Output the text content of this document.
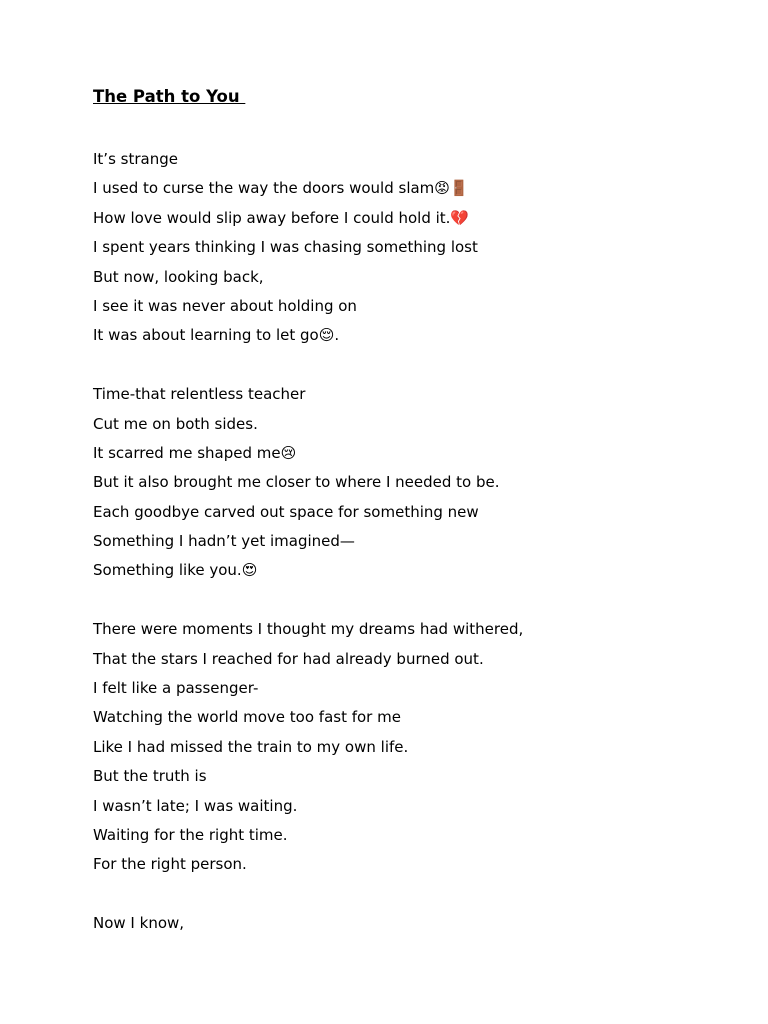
The Path to You
It’s strange
I used to curse the way the doors would slam😡🚪
How love would slip away before I could hold it.💔
I spent years thinking I was chasing something lost
But now, looking back,
I see it was never about holding on
It was about learning to let go😌.
Time-that relentless teacher
Cut me on both sides.
It scarred me shaped me😢
But it also brought me closer to where I needed to be.
Each goodbye carved out space for something new
Something I hadn’t yet imagined—
Something like you.😍
There were moments I thought my dreams had withered,
That the stars I reached for had already burned out.
I felt like a passenger-
Watching the world move too fast for me
Like I had missed the train to my own life.
But the truth is
I wasn’t late; I was waiting.
Waiting for the right time.
For the right person.
Now I know,
